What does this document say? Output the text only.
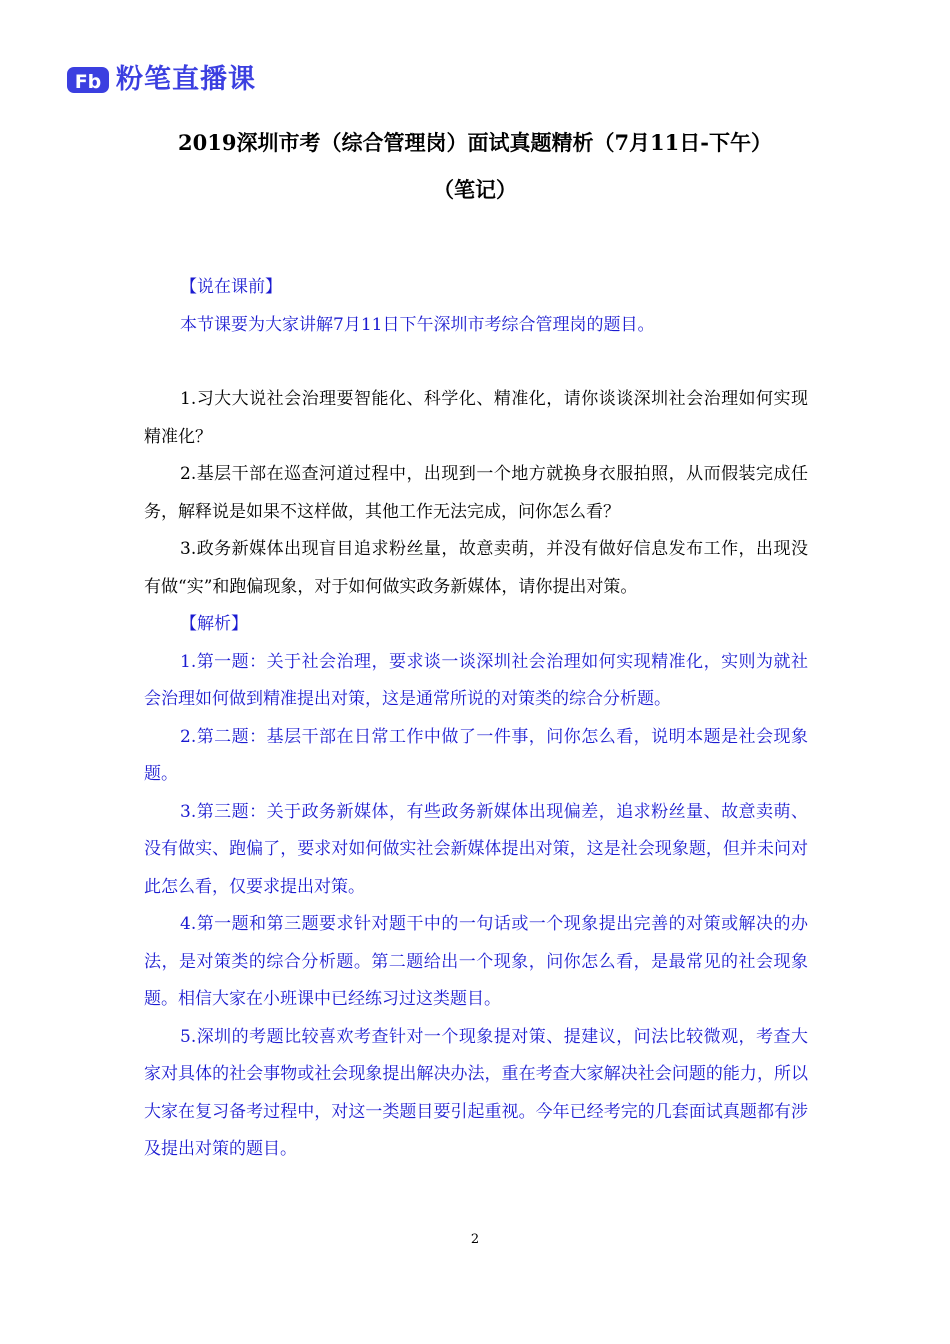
Fb 粉笔直播课
2019深圳市考（综合管理岗）面试真题精析（7月11日-下午）
（笔记）

【说在课前】

本节课要为大家讲解7月11日下午深圳市考综合管理岗的题目。

1.习大大说社会治理要智能化、科学化、精准化，请你谈谈深圳社会治理如何实现精准化？

2.基层干部在巡查河道过程中，出现到一个地方就换身衣服拍照，从而假装完成任务，解释说是如果不这样做，其他工作无法完成，问你怎么看？

3.政务新媒体出现盲目追求粉丝量，故意卖萌，并没有做好信息发布工作，出现没有做“实”和跑偏现象，对于如何做实政务新媒体，请你提出对策。

【解析】

1.第一题：关于社会治理，要求谈一谈深圳社会治理如何实现精准化，实则为就社会治理如何做到精准提出对策，这是通常所说的对策类的综合分析题。

2.第二题：基层干部在日常工作中做了一件事，问你怎么看，说明本题是社会现象题。

3.第三题：关于政务新媒体，有些政务新媒体出现偏差，追求粉丝量、故意卖萌、没有做实、跑偏了，要求对如何做实社会新媒体提出对策，这是社会现象题，但并未问对此怎么看，仅要求提出对策。

4.第一题和第三题要求针对题干中的一句话或一个现象提出完善的对策或解决的办法，是对策类的综合分析题。第二题给出一个现象，问你怎么看，是最常见的社会现象题。相信大家在小班课中已经练习过这类题目。

5.深圳的考题比较喜欢考查针对一个现象提对策、提建议，问法比较微观，考查大家对具体的社会事物或社会现象提出解决办法，重在考查大家解决社会问题的能力，所以大家在复习备考过程中，对这一类题目要引起重视。今年已经考完的几套面试真题都有涉及提出对策的题目。

2
